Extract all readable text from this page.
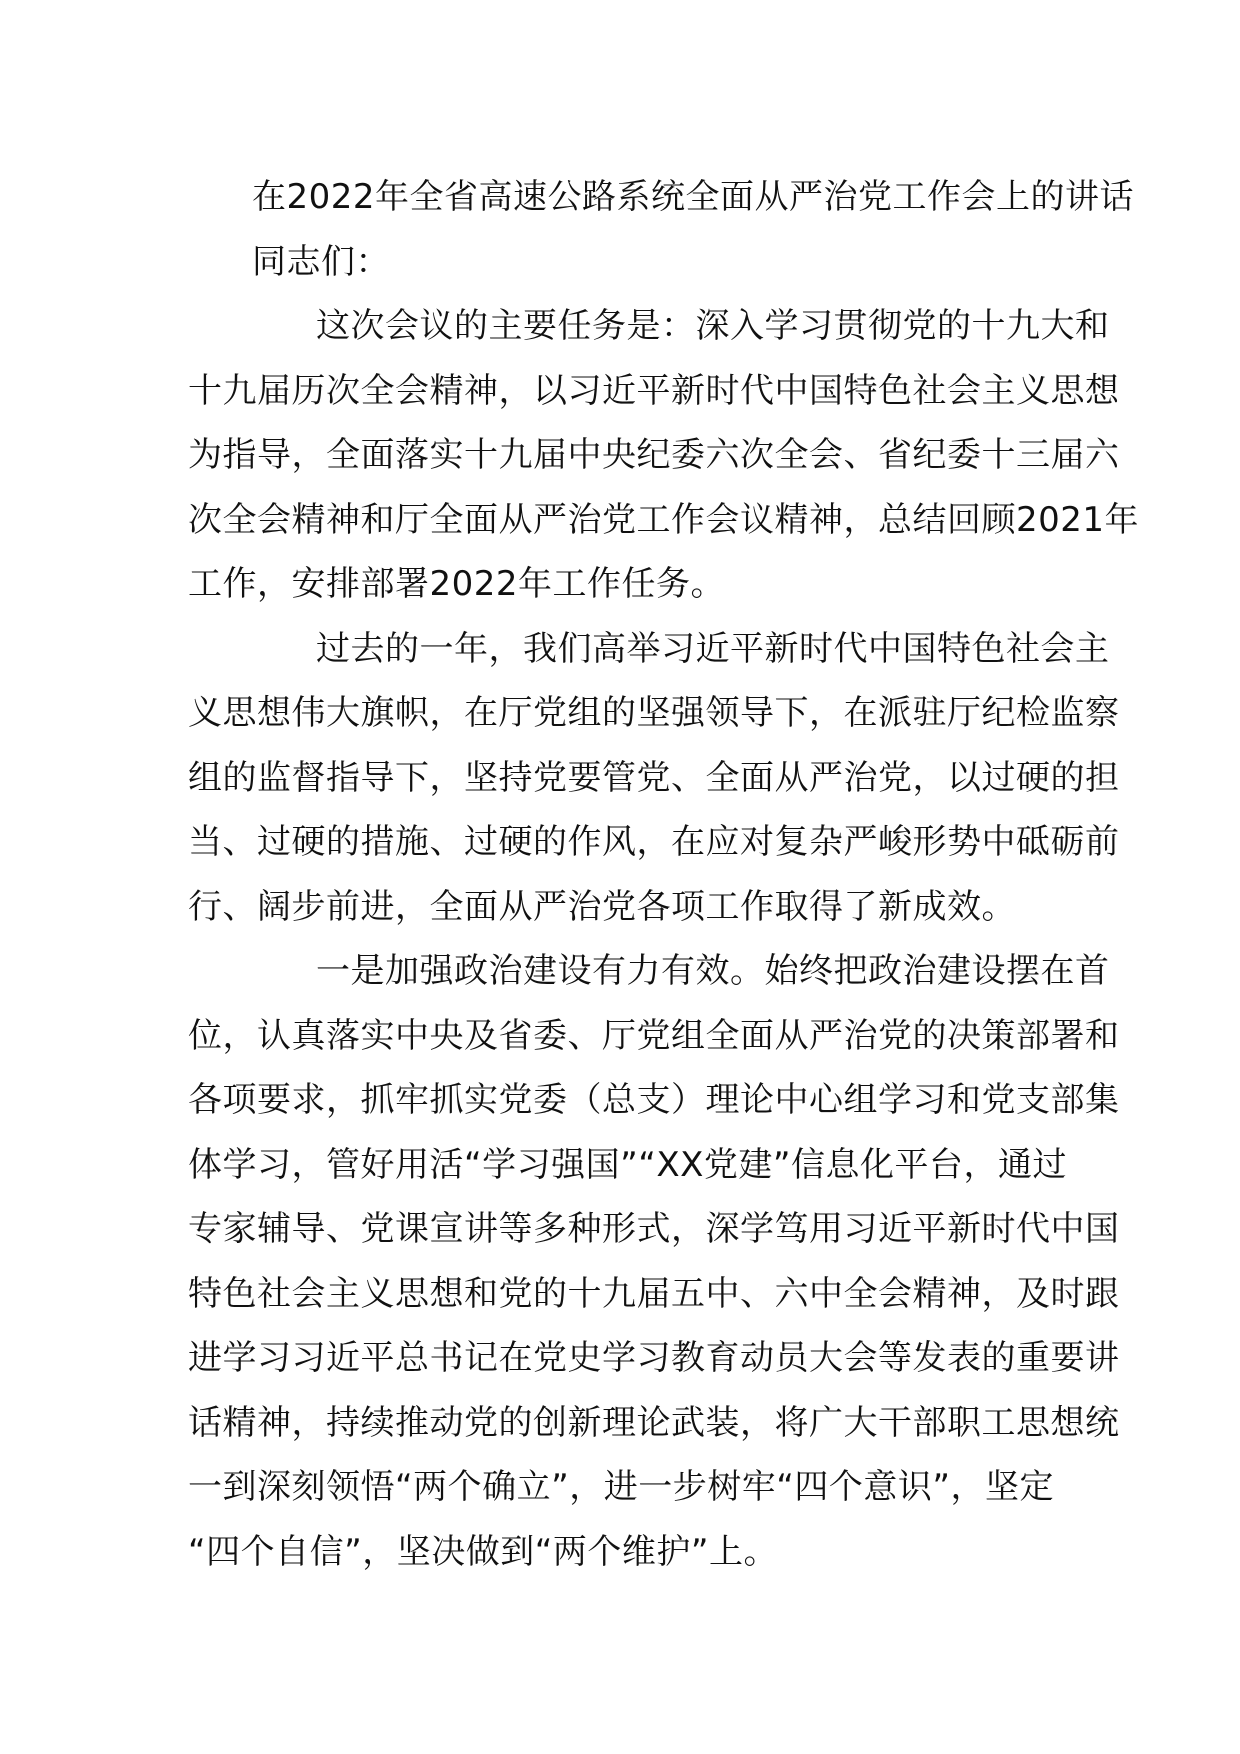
在2022年全省高速公路系统全面从严治党工作会上的讲话
同志们：
这次会议的主要任务是：深入学习贯彻党的十九大和
十九届历次全会精神，以习近平新时代中国特色社会主义思想
为指导，全面落实十九届中央纪委六次全会、省纪委十三届六
次全会精神和厅全面从严治党工作会议精神，总结回顾2021年
工作，安排部署2022年工作任务。
过去的一年，我们高举习近平新时代中国特色社会主
义思想伟大旗帜，在厅党组的坚强领导下，在派驻厅纪检监察
组的监督指导下，坚持党要管党、全面从严治党，以过硬的担
当、过硬的措施、过硬的作风，在应对复杂严峻形势中砥砺前
行、阔步前进，全面从严治党各项工作取得了新成效。
一是加强政治建设有力有效。始终把政治建设摆在首
位，认真落实中央及省委、厅党组全面从严治党的决策部署和
各项要求，抓牢抓实党委（总支）理论中心组学习和党支部集
体学习，管好用活“学习强国”“XX党建”信息化平台，通过
专家辅导、党课宣讲等多种形式，深学笃用习近平新时代中国
特色社会主义思想和党的十九届五中、六中全会精神，及时跟
进学习习近平总书记在党史学习教育动员大会等发表的重要讲
话精神，持续推动党的创新理论武装，将广大干部职工思想统
一到深刻领悟“两个确立”，进一步树牢“四个意识”，坚定
“四个自信”，坚决做到“两个维护”上。
